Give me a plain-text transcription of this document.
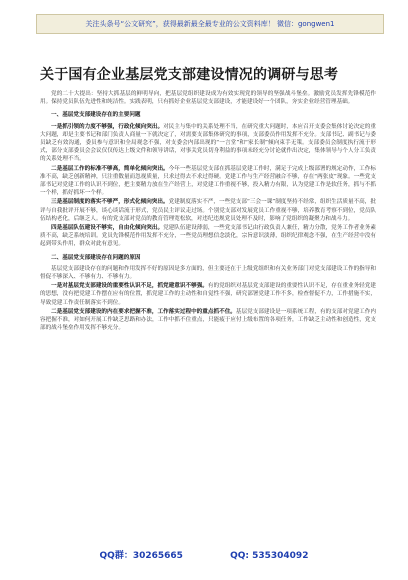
关注头条号“公文研究”，获得最新最全最专业的公文资料库！ 微信：gongwen1
关于国有企业基层党支部建设情况的调研与思考

党的二十大提出：坚持大抓基层的鲜明导向，把基层党组织建设成为有效实现党的领导的坚强战斗堡垒。激励党员发挥先锋模范作用。保持党员队伍先进性和纯洁性。实践表明，只有抓好企业基层党支部建设，才能建设好一个团队，夯实企业经营管理基础。

一、基层党支部建设存在的主要问题

一是抓引领的力度不够强，行政化倾向突出。对民主与集中的关系处理不当，在研究重大问题时，本应召开支委会集体讨论决定的重大问题，却是主要书记和部门负责人商量一下就决定了，对需要支部集体研究的事项，支部委员作用发挥不充分。支部书记、副书记与委员缺乏有效沟通，委员参与意识和全局观念不强，对支委会内部出现的“一言堂”和“家长制”倾向束手无策。支部委员会制度执行流于形式，部分支部委员会会议仅仅传达上级文件和领导讲话，对事关党员切身利益的事项未经充分讨论就作出决定，集体领导与个人分工负责的关系处理不当。

二是基层工作的标准不够高，简单化倾向突出。今年一些基层党支部在抓基层党建工作时，满足于完成上级部署的规定动作，工作标准不高，缺乏创新精神，只注重数量而忽视质量，只求过得去不求过得硬。党建工作与生产经营融合不够，存在“两张皮”现象。一些党支部书记对党建工作的认识不到位，把主要精力放在生产经营上，对党建工作重视不够，投入精力有限，认为党建工作是软任务，抓与不抓一个样，抓好抓坏一个样。

三是基层制度的落实不够严，形式化倾向突出。党建制度落实不严，一些党支部“三会一课”制度坚持不经常，组织生活质量不高，批评与自我批评开展不够，谈心谈话流于形式，党员民主评议走过场。个别党支部对发展党员工作重视不够，培养教育考察不到位，党员队伍结构老化，后继乏人。有的党支部对党员的教育管理宽松软，对违纪违规党员处理不及时，影响了党组织的凝聚力和战斗力。

四是基层队伍建设不够实，自由化倾向突出。党建队伍建设薄弱，一些党支部书记由行政负责人兼任，精力分散，党务工作者业务素质不高，缺乏系统培训。党员先锋模范作用发挥不充分，一些党员理想信念淡化，宗旨意识淡薄，组织纪律观念不强，在生产经营中没有起到带头作用，群众对此有意见。

二、基层党支部建设存在问题的原因

基层党支部建设存在的问题和作用发挥不好的原因是多方面的，但主要还在于上级党组织和有关业务部门对党支部建设工作的指导和督促不够深入、不够有力、不够有力。

一是对基层党支部建设的重要性认识不足，抓党建意识不够强。有的党组织对基层党支部建设的重要性认识不足，存在重业务轻党建的思想，没有把党建工作摆在应有的位置，抓党建工作的主动性和自觉性不强，研究部署党建工作不多，检查督促不力，工作措施不实，导致党建工作责任制落实不到位。

二是基层党支部建设的内在要求把握不准，工作落实过程中的重点抓不住。基层党支部建设是一项系统工程，有的支部对党建工作内容把握不准，对如何开展工作缺乏思路和办法，工作中抓不住重点，只能疲于应付上级布置的各项任务，工作缺乏主动性和创造性，党支部的战斗堡垒作用发挥不够充分。

QQ群：30265665	QQ: 535304092
